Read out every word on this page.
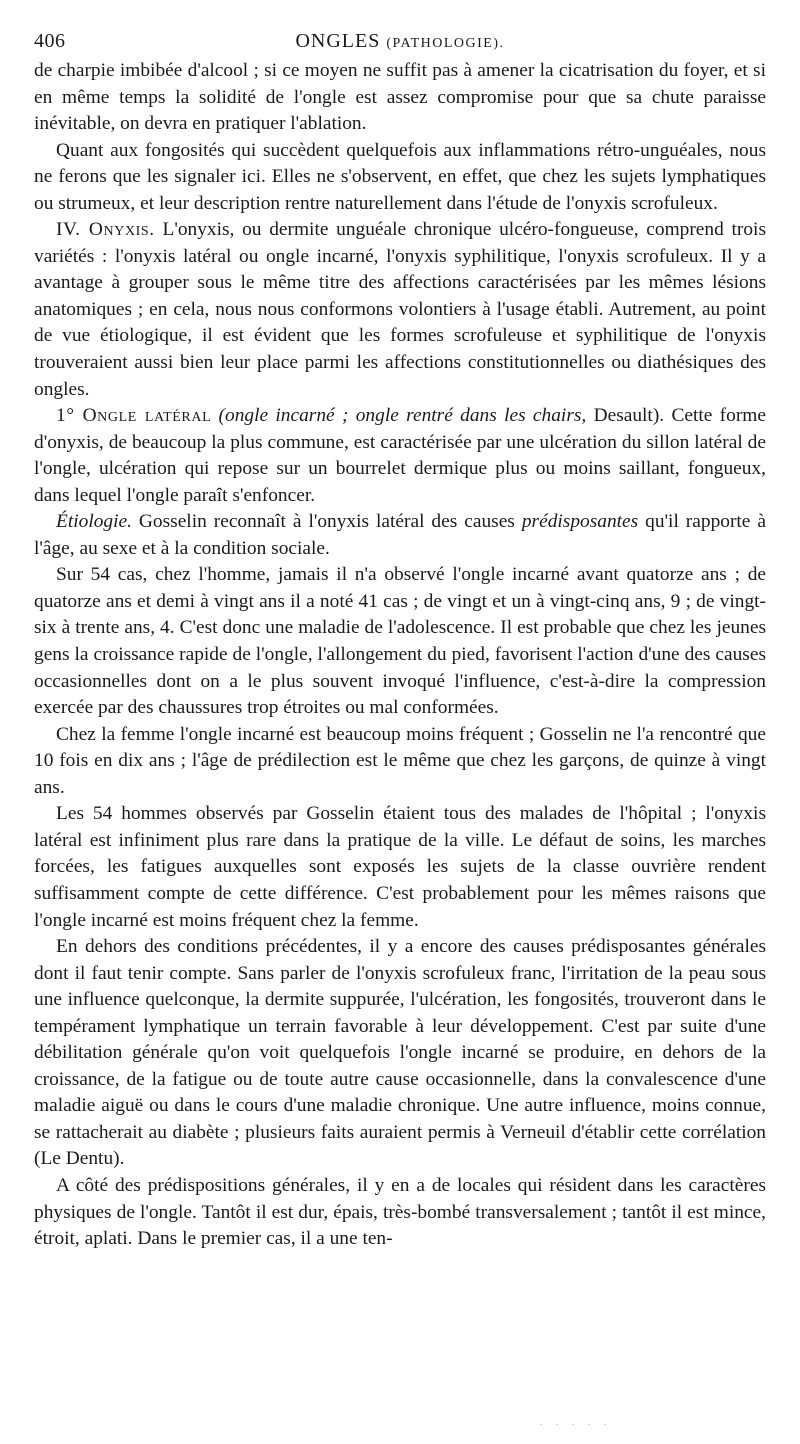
406	ONGLES (PATHOLOGIE).

de charpie imbibée d'alcool ; si ce moyen ne suffit pas à amener la cicatrisation du foyer, et si en même temps la solidité de l'ongle est assez compromise pour que sa chute paraisse inévitable, on devra en pratiquer l'ablation.

Quant aux fongosités qui succèdent quelquefois aux inflammations rétro-unguéales, nous ne ferons que les signaler ici. Elles ne s'observent, en effet, que chez les sujets lymphatiques ou strumeux, et leur description rentre naturellement dans l'étude de l'onyxis scrofuleux.

IV. Onyxis. L'onyxis, ou dermite unguéale chronique ulcéro-fongueuse, comprend trois variétés : l'onyxis latéral ou ongle incarné, l'onyxis syphilitique, l'onyxis scrofuleux. Il y a avantage à grouper sous le même titre des affections caractérisées par les mêmes lésions anatomiques ; en cela, nous nous conformons volontiers à l'usage établi. Autrement, au point de vue étiologique, il est évident que les formes scrofuleuse et syphilitique de l'onyxis trouveraient aussi bien leur place parmi les affections constitutionnelles ou diathésiques des ongles.

1° Ongle latéral (ongle incarné ; ongle rentré dans les chairs, Desault). Cette forme d'onyxis, de beaucoup la plus commune, est caractérisée par une ulcération du sillon latéral de l'ongle, ulcération qui repose sur un bourrelet dermique plus ou moins saillant, fongueux, dans lequel l'ongle paraît s'enfoncer.

Étiologie. Gosselin reconnaît à l'onyxis latéral des causes prédisposantes qu'il rapporte à l'âge, au sexe et à la condition sociale.

Sur 54 cas, chez l'homme, jamais il n'a observé l'ongle incarné avant quatorze ans ; de quatorze ans et demi à vingt ans il a noté 41 cas ; de vingt et un à vingt-cinq ans, 9 ; de vingt-six à trente ans, 4. C'est donc une maladie de l'adolescence. Il est probable que chez les jeunes gens la croissance rapide de l'ongle, l'allongement du pied, favorisent l'action d'une des causes occasionnelles dont on a le plus souvent invoqué l'influence, c'est-à-dire la compression exercée par des chaussures trop étroites ou mal conformées.

Chez la femme l'ongle incarné est beaucoup moins fréquent ; Gosselin ne l'a rencontré que 10 fois en dix ans ; l'âge de prédilection est le même que chez les garçons, de quinze à vingt ans.

Les 54 hommes observés par Gosselin étaient tous des malades de l'hôpital ; l'onyxis latéral est infiniment plus rare dans la pratique de la ville. Le défaut de soins, les marches forcées, les fatigues auxquelles sont exposés les sujets de la classe ouvrière rendent suffisamment compte de cette différence. C'est probablement pour les mêmes raisons que l'ongle incarné est moins fréquent chez la femme.

En dehors des conditions précédentes, il y a encore des causes prédisposantes générales dont il faut tenir compte. Sans parler de l'onyxis scrofuleux franc, l'irritation de la peau sous une influence quelconque, la dermite suppurée, l'ulcération, les fongosités, trouveront dans le tempérament lymphatique un terrain favorable à leur développement. C'est par suite d'une débilitation générale qu'on voit quelquefois l'ongle incarné se produire, en dehors de la croissance, de la fatigue ou de toute autre cause occasionnelle, dans la convalescence d'une maladie aiguë ou dans le cours d'une maladie chronique. Une autre influence, moins connue, se rattacherait au diabète ; plusieurs faits auraient permis à Verneuil d'établir cette corrélation (Le Dentu).

A côté des prédispositions générales, il y en a de locales qui résident dans les caractères physiques de l'ongle. Tantôt il est dur, épais, très-bombé transversalement ; tantôt il est mince, étroit, aplati. Dans le premier cas, il a une ten-

. . . . .
